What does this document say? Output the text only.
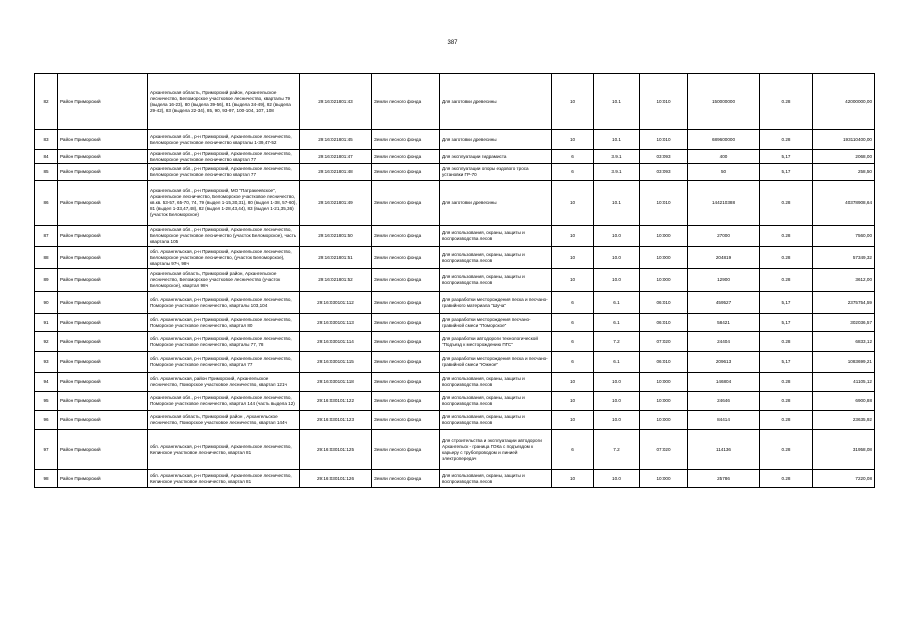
387
82	Район Приморский	Архангельская область, Приморский район, Архангельское лесничество, Беломорское участковое лесничество, кварталы 79 (выдела 16-23), 80 (выдела 39-56), 81 (выдела 34-49), 82 (выдела 29-42), 83 (выдела 22-34), 85, 90, 93-97, 100-104, 107, 108	29:16:021801:43	Земли лесного фонда	Для заготовки древесины	10	10.1	10:010	150000000	0.28	42000000,00
83	Район Приморский	Архангельская обл., р-н Приморский, Архангельское лесничество, Беломорское участковое лесничество кварталы 1-39,47-52	29:16:021801:45	Земли лесного фонда	Для заготовки древесины	10	10.1	10:010	689600000	0.28	193110400,00
84	Район Приморский	Архангельская обл., р-н Приморский, Архангельское лесничество, Беломорское участковое лесничество квартал 77	29:16:021801:47	Земли лесного фонда	Для эксплуатации гидрамиста	6	3.9.1	03:093	400	5,17	2068,00
85	Район Приморский	Архангельская обл., р-н Приморский, Архангельское лесничество, Беломорское участковое лесничество квартал 77	29:16:021801:48	Земли лесного фонда	Для эксплуатации опоры ездового троса установки ГР-70	6	3.9.1	03:093	50	5,17	258,50
86	Район Приморский	Архангельская обл., р-н Приморский, МО "Патракеевское", Архангельское лесничество, Беломорское участковое лесничество, кв.кв. 53-57, 65-70, 74, 79 (выдел 1-15,30,31), 80 (выдел 1-38, 57-60), 81 (выдел 1-33,47,48), 82 (выдел 1-28,43,44), 83 (выдел 1-21,35,36) (участок Беломорское)	29:16:021801:49	Земли лесного фонда	Для заготовки древесины	10	10.1	10:010	144210388	0.28	40378908,64
87	Район Приморский	Архангельская обл., р-н Приморский, Архангельское лесничество, Беломорское участковое лесничество (участок Беломорское), часть квартала 105	29:16:021801:50	Земли лесного фонда	Для использования, охраны, защиты и воспроизводства лесов	10	10.0	10:000	27000	0.28	7560,00
88	Район Приморский	обл. Архангельская, р-н Приморский, Архангельское лесничество, Беломорское участковое лесничество, (участок Беломорское), кварталы 97ч, 98ч	29:16:021801:51	Земли лесного фонда	Для использования, охраны, защиты и воспроизводства лесов	10	10.0	10:000	204819	0.28	57349,32
89	Район Приморский	Архангельская область, Приморский район, Архангельское лесничество, Беломорское участковое лесничество (участок Беломорское), квартал 98ч	29:16:021801:52	Земли лесного фонда	Для использования, охраны, защиты и воспроизводства лесов	10	10.0	10:000	12900	0.28	3612,00
90	Район Приморский	обл. Архангельская, р-н Приморский, Архангельское лесничество, Поморское участковое лесничество, кварталы 103,104	29:16:030101:112	Земли лесного фонда	Для разработки месторождения песка и песчано-гравийного материала "Шуча"	6	6.1	06:010	459527	5,17	2375754,59
91	Район Приморский	обл. Архангельская, р-н Приморский, Архангельское лесничество, Поморское участковое лесничество, квартал 80	29:16:030101:113	Земли лесного фонда	Для разработки месторождения песчано-гравийной смеси "Поморское"	6	6.1	06:010	58421	5,17	302036,57
92	Район Приморский	обл. Архангельская, р-н Приморский, Архангельское лесничество, Поморское участковое лесничество, кварталы 77, 78	29:16:030101:114	Земли лесного фонда	Для разработки автодороги технологической "Подъезд к месторождению ПГС"	6	7.2	07:020	24404	0.28	6833,12
93	Район Приморский	обл. Архангельская, р-н Приморский, Архангельское лесничество, Поморское участковое лесничество, квартал 77	29:16:030101:115	Земли лесного фонда	Для разработки месторождения песка и песчано-гравийной смеси "Южное"	6	6.1	06:010	209613	5,17	1083699,21
94	Район Приморский	обл. Архангельская, район Приморский, Архангельское лесничество, Поморское участковое лесничество, квартал 121ч	29:16:030101:118	Земли лесного фонда	Для использования, охраны, защиты и воспроизводства лесов	10	10.0	10:000	146804	0.28	41105,12
95	Район Приморский	Архангельская обл., р-н Приморский, Архангельское лесничество, Поморское участковое лесничество, квартал 144 (часть выдела 12)	29:16:030101:122	Земли лесного фонда	Для использования, охраны, защиты и воспроизводства лесов	10	10.0	10:000	24646	0.28	6900,88
96	Район Приморский	Архангельская область, Приморский район , Архангельское лесничество, Поморское участковое лесничество, квартал 144ч	29:16:030101:123	Земли лесного фонда	Для использования, охраны, защиты и воспроизводства лесов	10	10.0	10:000	84414	0.28	23635,92
97	Район Приморский	обл. Архангельская, р-н Приморский, Архангельское лесничество, Кепинское участковое лесничество, квартал 81	29:16:030101:125	Земли лесного фонда	Для строительства и эксплуатации автодороги Архангельск - граница ГОКа с подъездом к карьеру с трубопроводом и линией электропередач	6	7.2	07:020	114136	0.28	31958,08
98	Район Приморский	обл. Архангельская, р-н Приморский, Архангельское лесничество, Кепинское участковое лесничество, квартал 81	29:16:030101:126	Земли лесного фонда	Для использования, охраны, защиты и воспроизводства лесов	10	10.0	10:000	25786	0.28	7220,08
